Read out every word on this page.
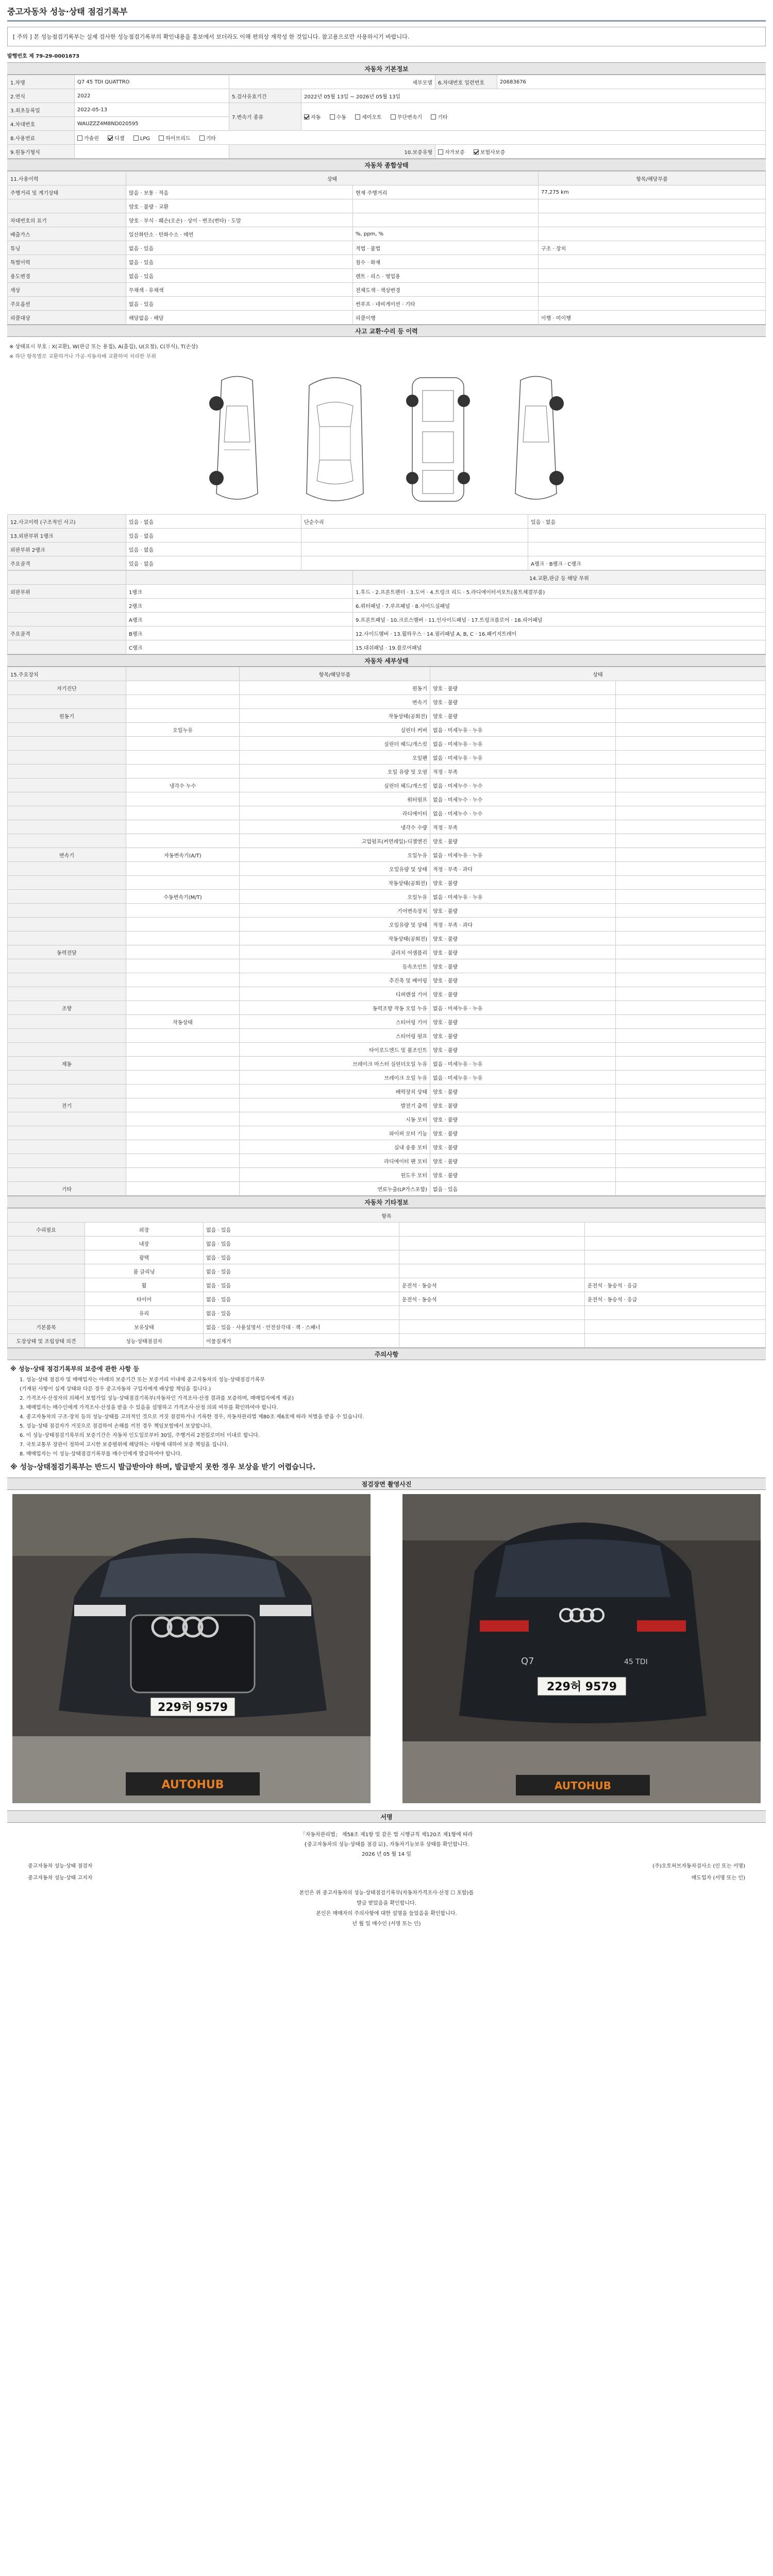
중고자동차 성능·상태 점검기록부
[ 주의 ] 본 성능점검기록부는 실제 검사한 성능점검기록부의 확인내용을 홍보에서 보더라도 이해 편의상 재작성 한 것입니다. 참고용으로만 사용하시기 바랍니다.
발행번호 제 79-29-0001673
자동차 기본정보
1.차명	Q7 45 TDI QUATTRO	세부모델		6.차대번호 일련번호	20683676
2.연식	2022	5.검사유효기간	2022년 05월 13일 ~ 2026년 05월 13일		
3.최초등록일	2022-05-13	7.변속기 종류	자동 수동 세미오토 무단변속기 기타		
4.차대번호	WAUZZZ4M8ND020595				
8.사용연료	가솔린 디젤 LPG 하이브리드 기타				
9.원동기형식		10.보증유형		자가보증 보험사보증	
자동차 종합상태
11.사용이력	상태		항목/해당부품
주행거리 및 계기상태	많음 · 보통 · 적음	현재 주행거리	77,275 km
	양호 · 불량 · 교환		
차대번호의 표기	양호 · 부식 · 훼손(오손) · 상이 · 변조(변타) · 도말		
배출가스	일산화탄소 · 탄화수소 · 매연	%, ppm, %	
튜닝	없음 · 있음	적법 · 불법	구조 · 장치
특별이력	없음 · 있음	침수 · 화재	
용도변경	없음 · 있음	렌트 · 리스 · 영업용	
색상	무채색 · 유채색	전체도색 · 색상변경	
주요옵션	없음 · 있음	썬루프 · 네비게이션 · 기타	
리콜대상	해당없음 · 해당	리콜이행	이행 · 미이행
사고 교환·수리 등 이력
※ 상태표시 부호 : X(교환), W(판금 또는 용접), A(흠집), U(요철), C(부식), T(손상)
※ 하단 항목별로 교환하거나 가공·자동차배 교환하여 처리한 부위
12.사고이력 (구조적인 사고)	있음 · 없음	단순수리	있음 · 없음
13.외판부위 1랭크	있음 · 없음		
외판부위 2랭크	있음 · 없음		
주요골격	있음 · 없음		A랭크 · B랭크 · C랭크
		14.교환,판금 등 해당 부위
외판부위	1랭크	1.후드 · 2.프론트펜더 · 3.도어 · 4.트렁크 리드 · 5.라디에이터서포트(볼트체결부품)
	2랭크	6.쿼터패널 · 7.루프패널 · 8.사이드실패널
	A랭크	9.프론트패널 · 10.크로스멤버 · 11.인사이드패널 · 17.트렁크플로어 · 18.리어패널
주요골격	B랭크	12.사이드멤버 · 13.휠하우스 · 14.필러패널 A, B, C · 16.패키지트레이
	C랭크	15.대쉬패널 · 19.플로어패널
자동차 세부상태
15.주요장치		항목/해당부품	상태	
자기진단		원동기	양호 · 불량	
		변속기	양호 · 불량	
원동기		작동상태(공회전)	양호 · 불량	
	오일누유	실린더 커버	없음 · 미세누유 · 누유	
		실린더 헤드/개스킷	없음 · 미세누유 · 누유	
		오일팬	없음 · 미세누유 · 누유	
		오일 유량 및 오염	적정 · 부족	
	냉각수 누수	실린더 헤드/개스킷	없음 · 미세누수 · 누수	
		워터펌프	없음 · 미세누수 · 누수	
		라디에이터	없음 · 미세누수 · 누수	
		냉각수 수량	적정 · 부족	
		고압펌프(커먼레일)-디젤엔진	양호 · 불량	
변속기	자동변속기(A/T)	오일누유	없음 · 미세누유 · 누유	
		오일유량 및 상태	적정 · 부족 · 과다	
		작동상태(공회전)	양호 · 불량	
	수동변속기(M/T)	오일누유	없음 · 미세누유 · 누유	
		기어변속장치	양호 · 불량	
		오일유량 및 상태	적정 · 부족 · 과다	
		작동상태(공회전)	양호 · 불량	
동력전달		클러치 어셈블리	양호 · 불량	
		등속조인트	양호 · 불량	
		추진축 및 베어링	양호 · 불량	
		디퍼렌셜 기어	양호 · 불량	
조향		동력조향 작동 오일 누유	없음 · 미세누유 · 누유	
	작동상태	스티어링 기어	양호 · 불량	
		스티어링 펌프	양호 · 불량	
		타이로드엔드 및 볼조인트	양호 · 불량	
제동		브레이크 마스터 실린더오일 누유	없음 · 미세누유 · 누유	
		브레이크 오일 누유	없음 · 미세누유 · 누유	
		배력장치 상태	양호 · 불량	
전기		발전기 출력	양호 · 불량	
		시동 모터	양호 · 불량	
		와이퍼 모터 기능	양호 · 불량	
		실내 송풍 모터	양호 · 불량	
		라디에이터 팬 모터	양호 · 불량	
		윈도우 모터	양호 · 불량	
기타		연료누출(LP가스포함)	없음 · 있음	
자동차 기타정보
항목				
수리필요	외장	없음 · 있음		
	내장	없음 · 있음		
	광택	없음 · 있음		
	룸 클리닝	없음 · 있음		
	휠	없음 · 있음	운전석 · 동승석	운전석 · 동승석 · 응급
	타이어	없음 · 있음	운전석 · 동승석	운전석 · 동승석 · 응급
	유리	없음 · 있음		
기본품목	보유상태	없음 · 있음 · 사용설명서 · 안전삼각대 · 잭 · 스패너		
도장상태 및 조립상태 의견	성능·상태점검자	이물질제거		
주의사항
※ 성능·상태 점검기록부의 보증에 관한 사항 등

1. 성능·상태 점검자 및 매매업자는 아래의 보증기간 또는 보증거리 이내에 중고자동차의 성능·상태점검기록부

(기재된 사항이 실제 상태와 다른 경우 중고자동차 구입자에게 배상할 책임을 집니다.)

2. 가격조사·산정자의 의해서 보험가입 성능·상태점검기록부(자동차인 가격조사·산정 결과를 보증하며, 매매업자에게 제공)

3. 매매업자는 매수인에게 가격조사·산정을 받을 수 있음을 설명하고 가격조사·산정 의뢰 여부를 확인하여야 합니다.

4. 중고자동차의 구조·장치 등의 성능·상태를 고의적인 것으로 거짓 점검하거나 기록한 경우, 자동차관리법 제80조 제6호에 따라 처벌을 받을 수 있습니다.

5. 성능·상태 점검자가 거짓으로 점검하여 손해를 끼친 경우 책임보험에서 보상합니다.

6. 이 성능·상태점검기록부의 보증기간은 자동차 인도일로부터 30일, 주행거리 2천킬로미터 이내로 합니다.

7. 국토교통부 장관이 정하여 고시한 보증범위에 해당하는 사항에 대하여 보증 책임을 집니다.

8. 매매업자는 이 성능·상태점검기록부를 매수인에게 발급하여야 합니다.

※ 성능·상태점검기록부는 반드시 발급받아야 하며, 발급받지 못한 경우 보상을 받기 어렵습니다.
점검장면 촬영사진
229허 9579
AUTOHUB
Q7	45 TDI
229허 9579
AUTOHUB
서명
「자동차관리법」 제58조 제1항 및 같은 법 시행규칙 제120조 제1항에 따라
{중고자동차의 성능·상태를 점검 ☑}, 자동차기능보유 상태를 확인합니다.
2026 년 05 월 14 일
중고자동차 성능·상태 점검자	(주)오토허브자동차검사소 (인 또는 서명)
중고자동차 성능·상태 고지자	매도업자 (서명 또는 인)
본인은 위 중고자동차의 성능·상태점검기록부(자동차가격조사·산정 ☐ 포함)를
발급 받았음을 확인합니다.
본인은 매매자의 주의사항에 대한 설명을 들었음을 확인합니다.
년 월 일 매수인 (서명 또는 인)
